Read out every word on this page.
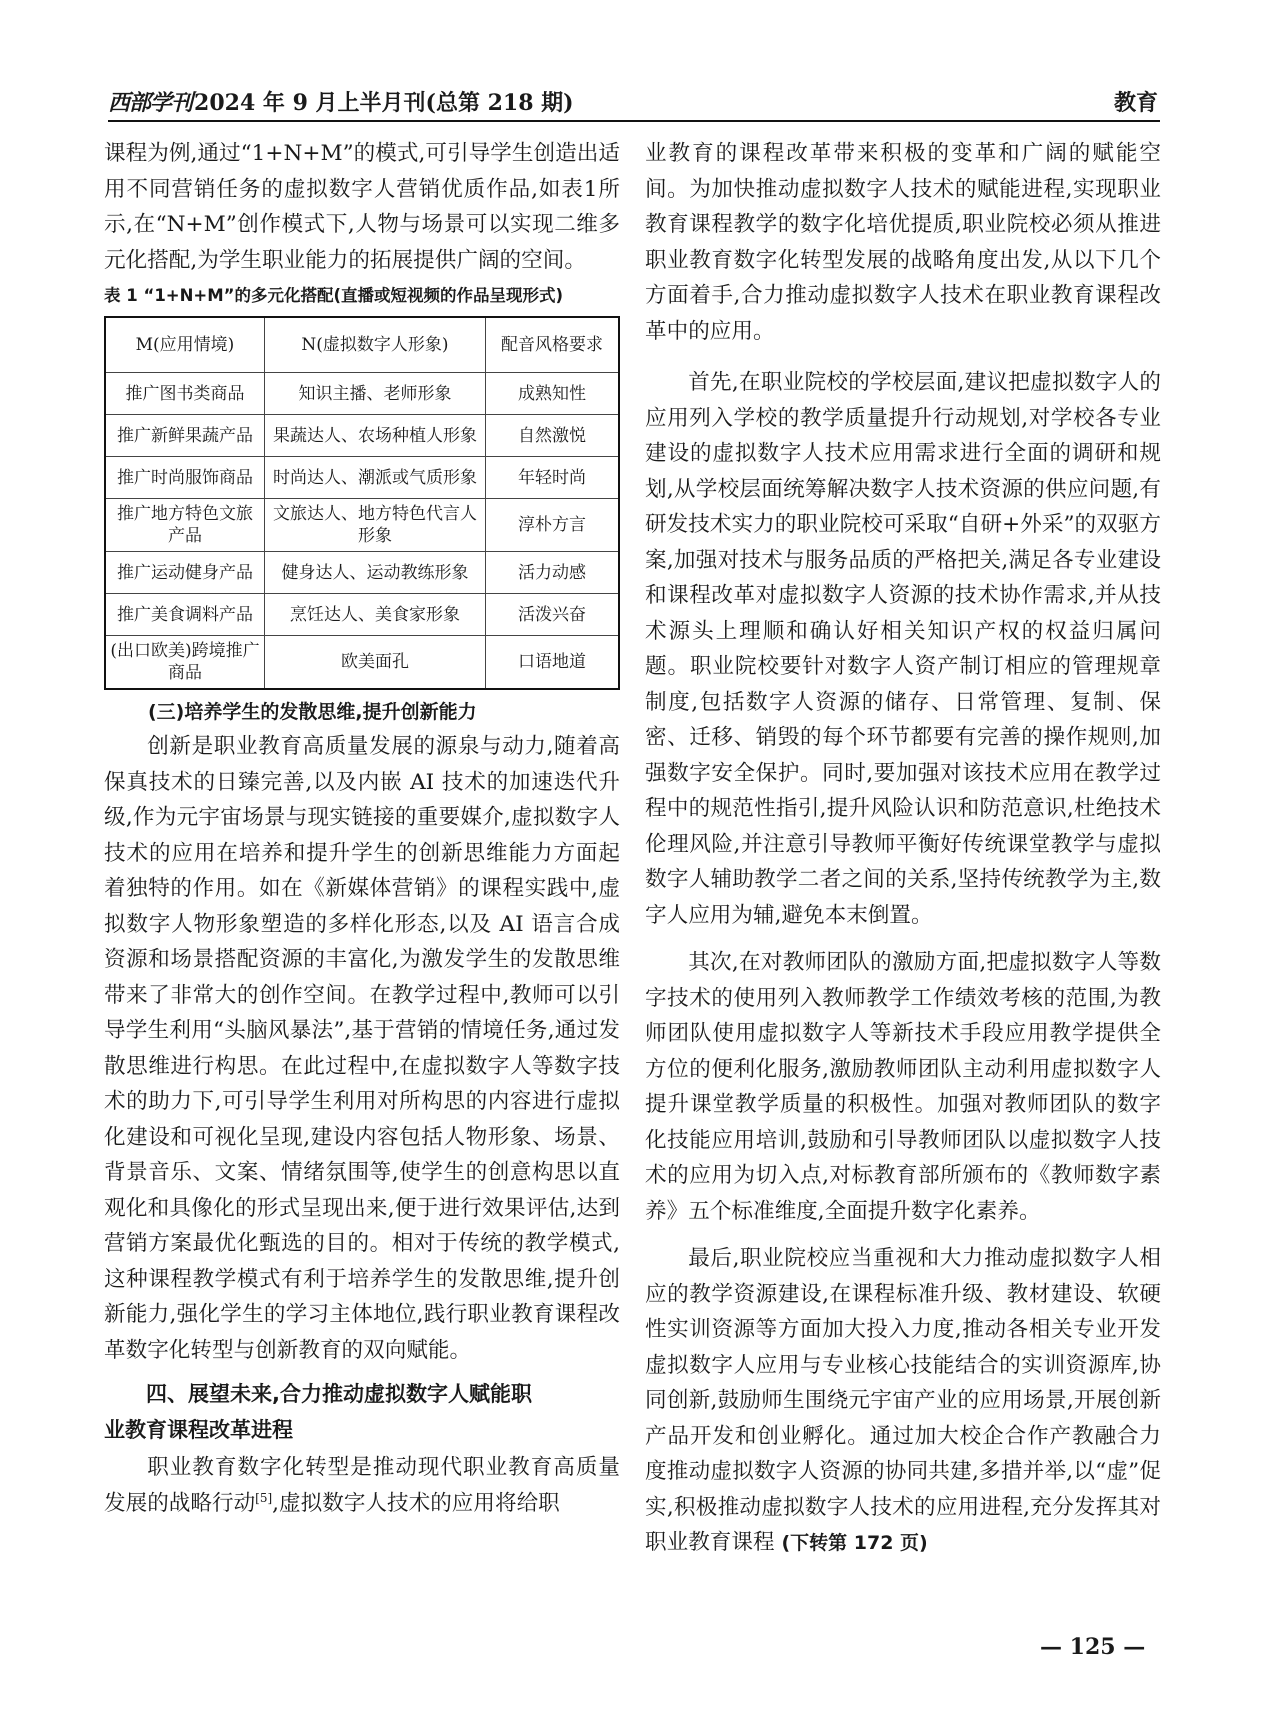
西部学刊2024 年 9 月上半月刊(总第 218 期)	教育

课程为例,通过“1+N+M”的模式,可引导学生创造出适用不同营销任务的虚拟数字人营销优质作品,如表1所示,在“N+M”创作模式下,人物与场景可以实现二维多元化搭配,为学生职业能力的拓展提供广阔的空间。

表 1 “1+N+M”的多元化搭配(直播或短视频的作品呈现形式)
M(应用情境)	N(虚拟数字人形象)	配音风格要求
推广图书类商品	知识主播、老师形象	成熟知性
推广新鲜果蔬产品	果蔬达人、农场种植人形象	自然激悦
推广时尚服饰商品	时尚达人、潮派或气质形象	年轻时尚
推广地方特色文旅产品	文旅达人、地方特色代言人形象	淳朴方言
推广运动健身产品	健身达人、运动教练形象	活力动感
推广美食调料产品	烹饪达人、美食家形象	活泼兴奋
(出口欧美)跨境推广商品	欧美面孔	口语地道
(三)培养学生的发散思维,提升创新能力

创新是职业教育高质量发展的源泉与动力,随着高保真技术的日臻完善,以及内嵌 AI 技术的加速迭代升级,作为元宇宙场景与现实链接的重要媒介,虚拟数字人技术的应用在培养和提升学生的创新思维能力方面起着独特的作用。如在《新媒体营销》的课程实践中,虚拟数字人物形象塑造的多样化形态,以及 AI 语言合成资源和场景搭配资源的丰富化,为激发学生的发散思维带来了非常大的创作空间。在教学过程中,教师可以引导学生利用“头脑风暴法”,基于营销的情境任务,通过发散思维进行构思。在此过程中,在虚拟数字人等数字技术的助力下,可引导学生利用对所构思的内容进行虚拟化建设和可视化呈现,建设内容包括人物形象、场景、背景音乐、文案、情绪氛围等,使学生的创意构思以直观化和具像化的形式呈现出来,便于进行效果评估,达到营销方案最优化甄选的目的。相对于传统的教学模式,这种课程教学模式有利于培养学生的发散思维,提升创新能力,强化学生的学习主体地位,践行职业教育课程改革数字化转型与创新教育的双向赋能。

四、展望未来,合力推动虚拟数字人赋能职
业教育课程改革进程

职业教育数字化转型是推动现代职业教育高质量发展的战略行动[5],虚拟数字人技术的应用将给职

业教育的课程改革带来积极的变革和广阔的赋能空间。为加快推动虚拟数字人技术的赋能进程,实现职业教育课程教学的数字化培优提质,职业院校必须从推进职业教育数字化转型发展的战略角度出发,从以下几个方面着手,合力推动虚拟数字人技术在职业教育课程改革中的应用。

首先,在职业院校的学校层面,建议把虚拟数字人的应用列入学校的教学质量提升行动规划,对学校各专业建设的虚拟数字人技术应用需求进行全面的调研和规划,从学校层面统筹解决数字人技术资源的供应问题,有研发技术实力的职业院校可采取“自研+外采”的双驱方案,加强对技术与服务品质的严格把关,满足各专业建设和课程改革对虚拟数字人资源的技术协作需求,并从技术源头上理顺和确认好相关知识产权的权益归属问题。职业院校要针对数字人资产制订相应的管理规章制度,包括数字人资源的储存、日常管理、复制、保密、迁移、销毁的每个环节都要有完善的操作规则,加强数字安全保护。同时,要加强对该技术应用在教学过程中的规范性指引,提升风险认识和防范意识,杜绝技术伦理风险,并注意引导教师平衡好传统课堂教学与虚拟数字人辅助教学二者之间的关系,坚持传统教学为主,数字人应用为辅,避免本末倒置。

其次,在对教师团队的激励方面,把虚拟数字人等数字技术的使用列入教师教学工作绩效考核的范围,为教师团队使用虚拟数字人等新技术手段应用教学提供全方位的便利化服务,激励教师团队主动利用虚拟数字人提升课堂教学质量的积极性。加强对教师团队的数字化技能应用培训,鼓励和引导教师团队以虚拟数字人技术的应用为切入点,对标教育部所颁布的《教师数字素养》五个标准维度,全面提升数字化素养。

最后,职业院校应当重视和大力推动虚拟数字人相应的教学资源建设,在课程标准升级、教材建设、软硬性实训资源等方面加大投入力度,推动各相关专业开发虚拟数字人应用与专业核心技能结合的实训资源库,协同创新,鼓励师生围绕元宇宙产业的应用场景,开展创新产品开发和创业孵化。通过加大校企合作产教融合力度推动虚拟数字人资源的协同共建,多措并举,以“虚”促实,积极推动虚拟数字人技术的应用进程,充分发挥其对职业教育课程 (下转第 172 页)

— 125 —
